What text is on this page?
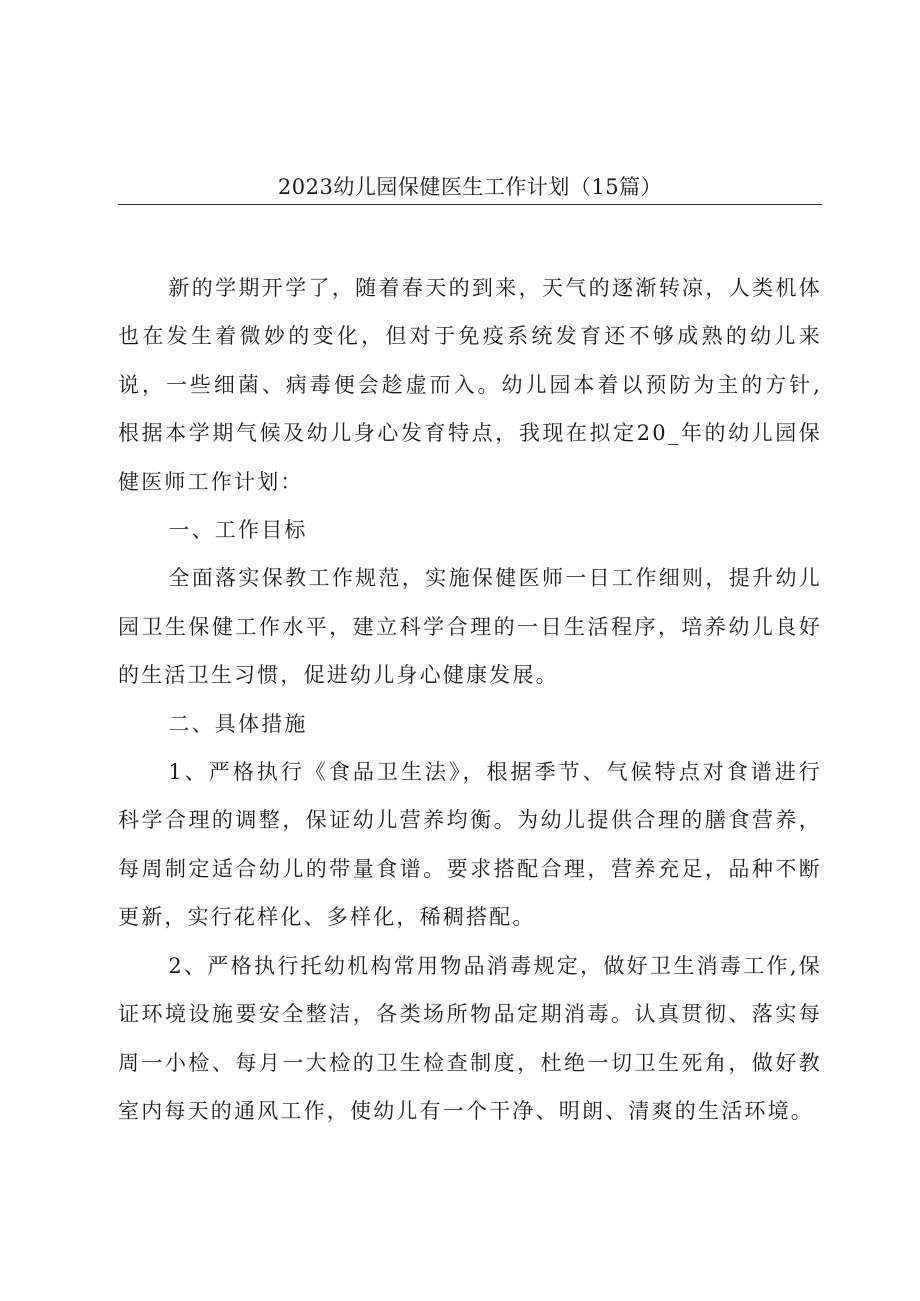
2023幼儿园保健医生工作计划（15篇）

新的学期开学了，随着春天的到来，天气的逐渐转凉，人类机体也在发生着微妙的变化，但对于免疫系统发育还不够成熟的幼儿来说，一些细菌、病毒便会趁虚而入。幼儿园本着以预防为主的方针,根据本学期气候及幼儿身心发育特点，我现在拟定20_年的幼儿园保健医师工作计划：

一、工作目标

全面落实保教工作规范，实施保健医师一日工作细则，提升幼儿园卫生保健工作水平，建立科学合理的一日生活程序，培养幼儿良好的生活卫生习惯，促进幼儿身心健康发展。

二、具体措施

1、严格执行《食品卫生法》，根据季节、气候特点对食谱进行科学合理的调整，保证幼儿营养均衡。为幼儿提供合理的膳食营养，每周制定适合幼儿的带量食谱。要求搭配合理，营养充足，品种不断更新，实行花样化、多样化，稀稠搭配。

2、严格执行托幼机构常用物品消毒规定，做好卫生消毒工作,保证环境设施要安全整洁，各类场所物品定期消毒。认真贯彻、落实每周一小检、每月一大检的卫生检查制度，杜绝一切卫生死角，做好教室内每天的通风工作，使幼儿有一个干净、明朗、清爽的生活环境。
